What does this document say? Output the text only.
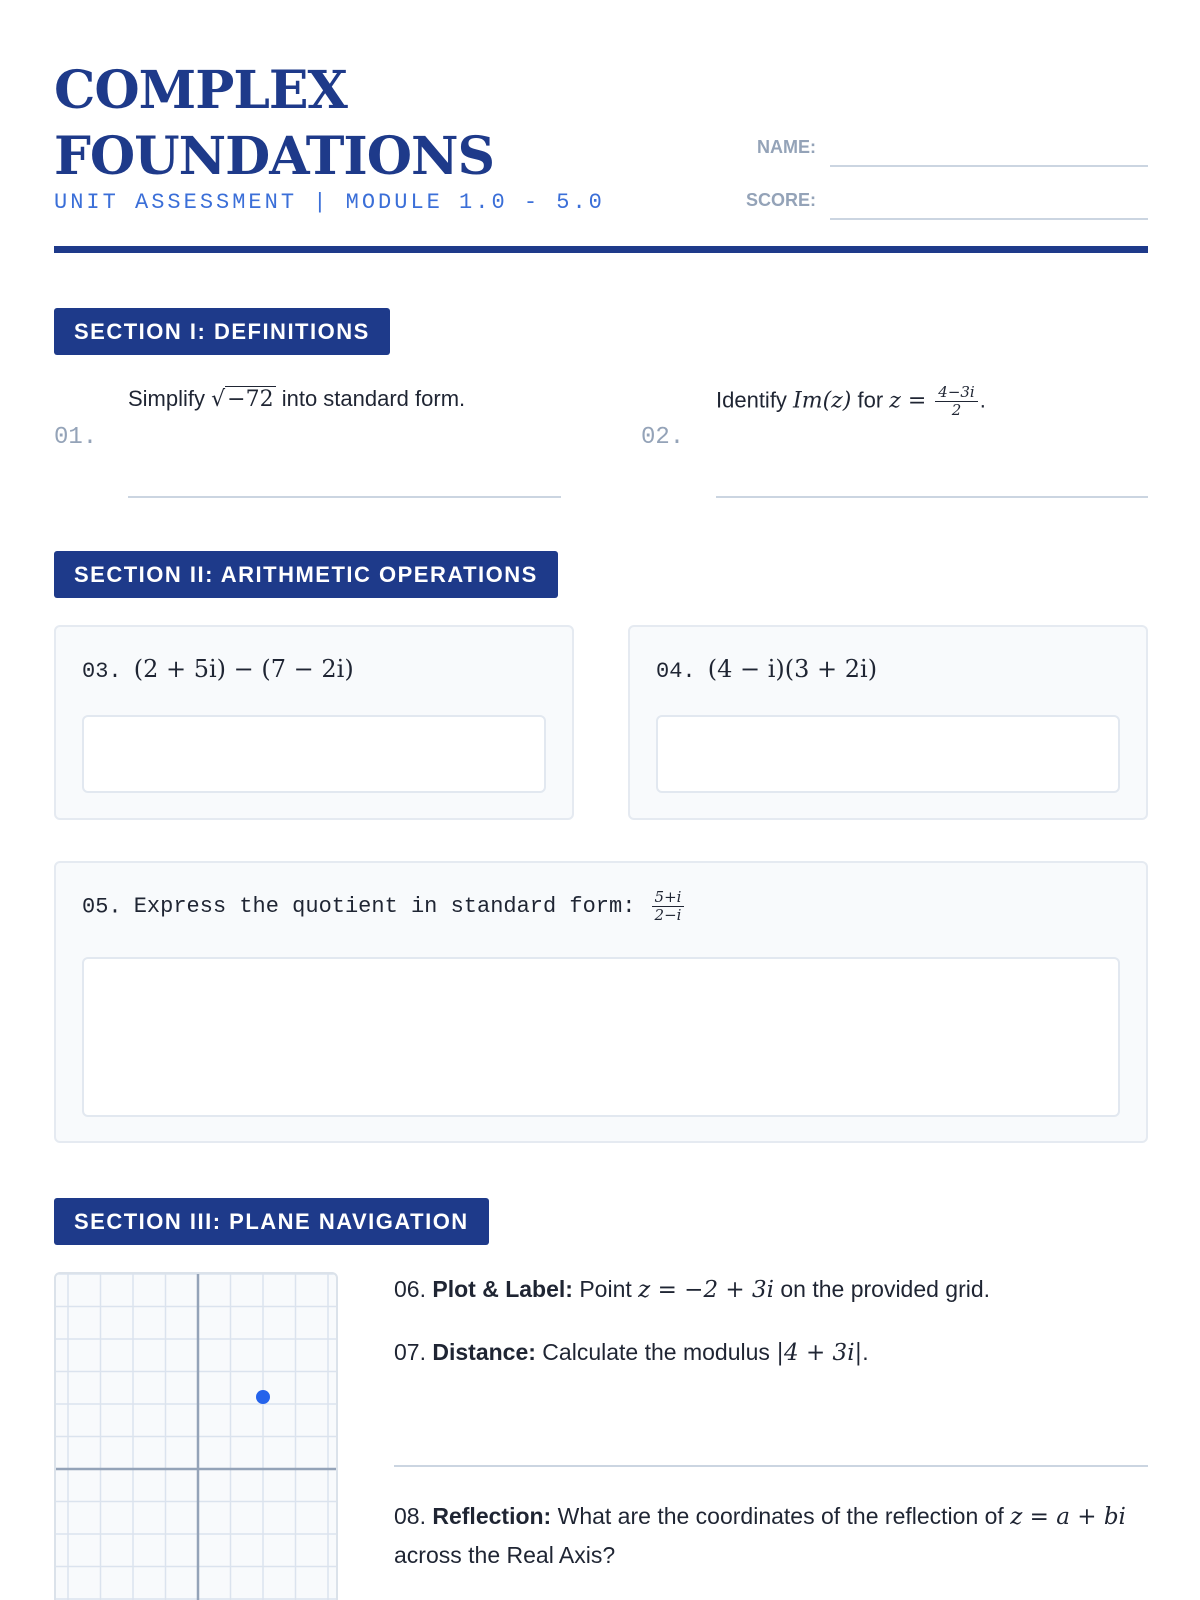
COMPLEX
FOUNDATIONS
UNIT ASSESSMENT | MODULE 1.0 - 5.0
NAME:
SCORE:
SECTION I: DEFINITIONS
01.
Simplify √−72 into standard form.
02.
Identify Im(z) for $z = \frac{4-3i}{2}$ .
SECTION II: ARITHMETIC OPERATIONS
03. (2 + 5i) − (7 − 2i)	04. (4 − i)(3 + 2i)
05. Express the quotient in standard form: $\frac{5+i}{2-i}$
SECTION III: PLANE NAVIGATION
06. Plot & Label: Point z = −2 + 3i on the provided grid.
07. Distance: Calculate the modulus |4 + 3i|.
08. Reflection: What are the coordinates of the reflection of z = a + bi
across the Real Axis?
